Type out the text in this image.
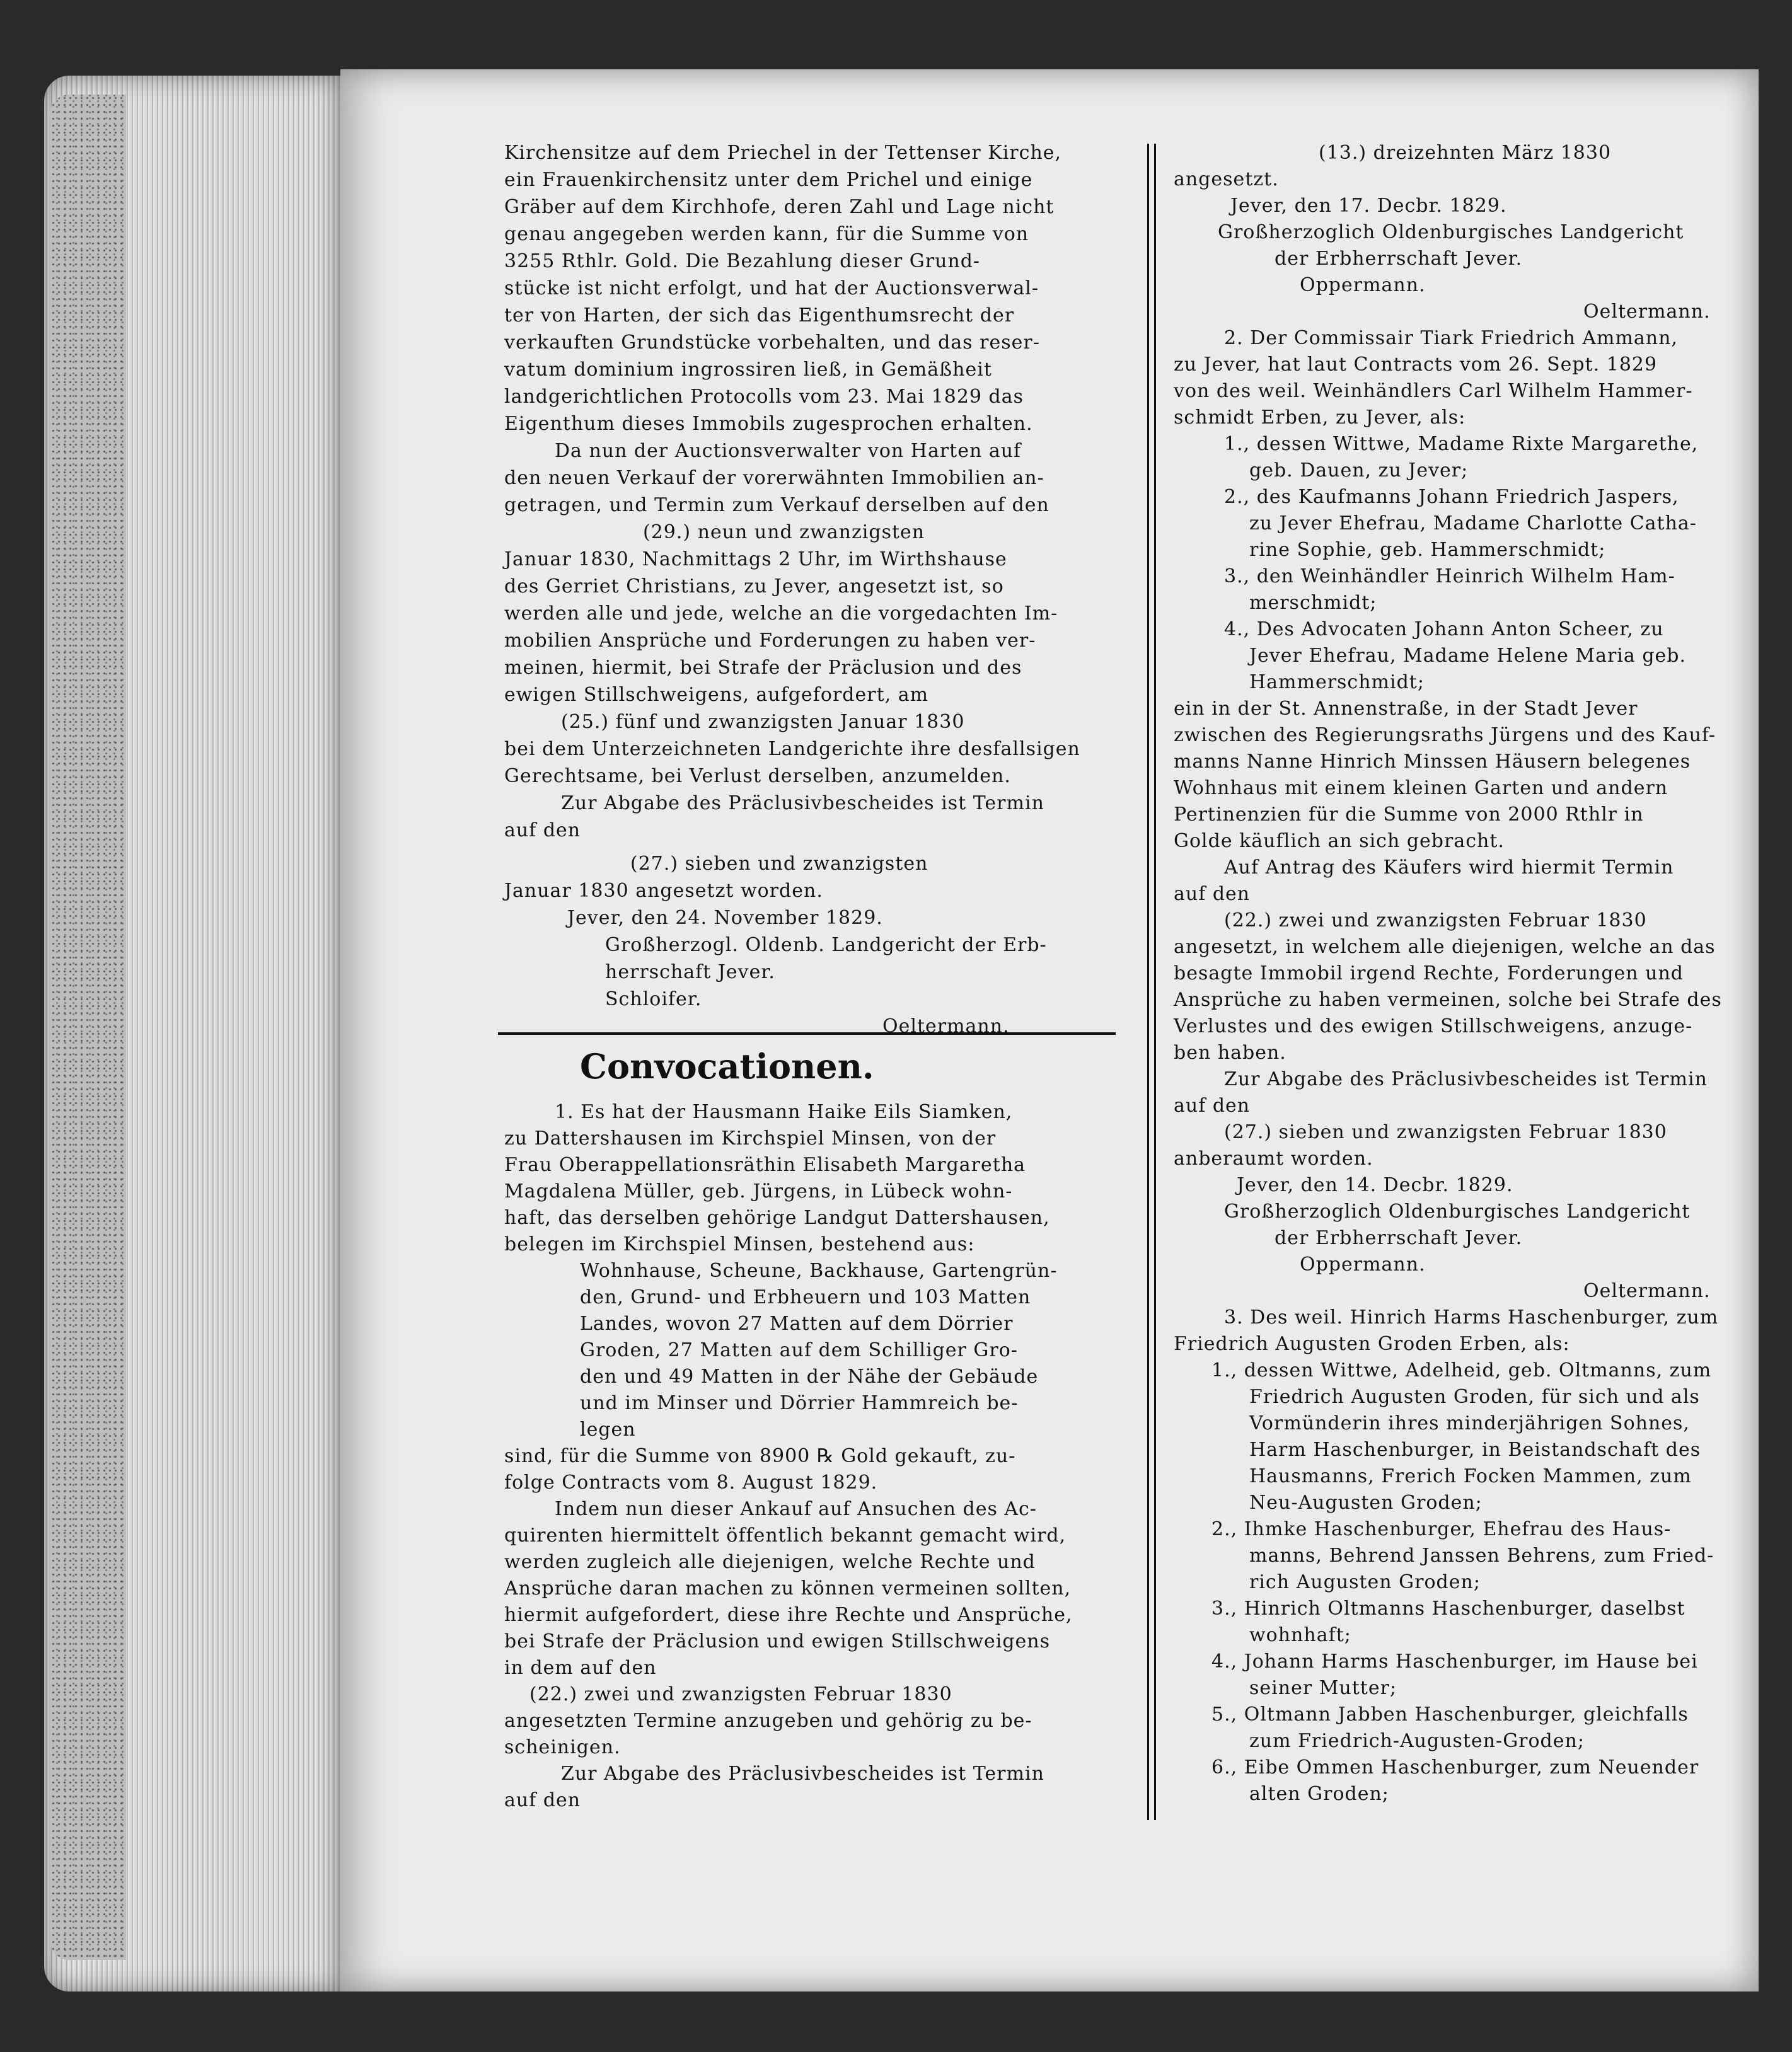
Kirchensitze auf dem Priechel in der Tettenser Kirche,
ein Frauenkirchensitz unter dem Prichel und einige
Gräber auf dem Kirchhofe, deren Zahl und Lage nicht
genau angegeben werden kann, für die Summe von
3255 Rthlr. Gold. Die Bezahlung dieser Grund-
stücke ist nicht erfolgt, und hat der Auctionsverwal-
ter von Harten, der sich das Eigenthumsrecht der
verkauften Grundstücke vorbehalten, und das reser-
vatum dominium ingrossiren ließ, in Gemäßheit
landgerichtlichen Protocolls vom 23. Mai 1829 das
Eigenthum dieses Immobils zugesprochen erhalten.
Da nun der Auctionsverwalter von Harten auf
den neuen Verkauf der vorerwähnten Immobilien an-
getragen, und Termin zum Verkauf derselben auf den
(29.) neun und zwanzigsten
Januar 1830, Nachmittags 2 Uhr, im Wirthshause
des Gerriet Christians, zu Jever, angesetzt ist, so
werden alle und jede, welche an die vorgedachten Im-
mobilien Ansprüche und Forderungen zu haben ver-
meinen, hiermit, bei Strafe der Präclusion und des
ewigen Stillschweigens, aufgefordert, am
(25.) fünf und zwanzigsten Januar 1830
bei dem Unterzeichneten Landgerichte ihre desfallsigen
Gerechtsame, bei Verlust derselben, anzumelden.
Zur Abgabe des Präclusivbescheides ist Termin
auf den
(27.) sieben und zwanzigsten
Januar 1830 angesetzt worden.
Jever, den 24. November 1829.
Großherzogl. Oldenb. Landgericht der Erb-
herrschaft Jever.
Schloifer.
Oeltermann.
Convocationen.
1. Es hat der Hausmann Haike Eils Siamken,
zu Dattershausen im Kirchspiel Minsen, von der
Frau Oberappellationsräthin Elisabeth Margaretha
Magdalena Müller, geb. Jürgens, in Lübeck wohn-
haft, das derselben gehörige Landgut Dattershausen,
belegen im Kirchspiel Minsen, bestehend aus:
Wohnhause, Scheune, Backhause, Gartengrün-
den, Grund- und Erbheuern und 103 Matten
Landes, wovon 27 Matten auf dem Dörrier
Groden, 27 Matten auf dem Schilliger Gro-
den und 49 Matten in der Nähe der Gebäude
und im Minser und Dörrier Hammreich be-
legen
sind, für die Summe von 8900 ℞ Gold gekauft, zu-
folge Contracts vom 8. August 1829.
Indem nun dieser Ankauf auf Ansuchen des Ac-
quirenten hiermittelt öffentlich bekannt gemacht wird,
werden zugleich alle diejenigen, welche Rechte und
Ansprüche daran machen zu können vermeinen sollten,
hiermit aufgefordert, diese ihre Rechte und Ansprüche,
bei Strafe der Präclusion und ewigen Stillschweigens
in dem auf den
(22.) zwei und zwanzigsten Februar 1830
angesetzten Termine anzugeben und gehörig zu be-
scheinigen.
Zur Abgabe des Präclusivbescheides ist Termin
auf den
(13.) dreizehnten März 1830
angesetzt.
Jever, den 17. Decbr. 1829.
Großherzoglich Oldenburgisches Landgericht
der Erbherrschaft Jever.
Oppermann.
Oeltermann.
2. Der Commissair Tiark Friedrich Ammann,
zu Jever, hat laut Contracts vom 26. Sept. 1829
von des weil. Weinhändlers Carl Wilhelm Hammer-
schmidt Erben, zu Jever, als:
1., dessen Wittwe, Madame Rixte Margarethe,
geb. Dauen, zu Jever;
2., des Kaufmanns Johann Friedrich Jaspers,
zu Jever Ehefrau, Madame Charlotte Catha-
rine Sophie, geb. Hammerschmidt;
3., den Weinhändler Heinrich Wilhelm Ham-
merschmidt;
4., Des Advocaten Johann Anton Scheer, zu
Jever Ehefrau, Madame Helene Maria geb.
Hammerschmidt;
ein in der St. Annenstraße, in der Stadt Jever
zwischen des Regierungsraths Jürgens und des Kauf-
manns Nanne Hinrich Minssen Häusern belegenes
Wohnhaus mit einem kleinen Garten und andern
Pertinenzien für die Summe von 2000 Rthlr in
Golde käuflich an sich gebracht.
Auf Antrag des Käufers wird hiermit Termin
auf den
(22.) zwei und zwanzigsten Februar 1830
angesetzt, in welchem alle diejenigen, welche an das
besagte Immobil irgend Rechte, Forderungen und
Ansprüche zu haben vermeinen, solche bei Strafe des
Verlustes und des ewigen Stillschweigens, anzuge-
ben haben.
Zur Abgabe des Präclusivbescheides ist Termin
auf den
(27.) sieben und zwanzigsten Februar 1830
anberaumt worden.
Jever, den 14. Decbr. 1829.
Großherzoglich Oldenburgisches Landgericht
der Erbherrschaft Jever.
Oppermann.
Oeltermann.
3. Des weil. Hinrich Harms Haschenburger, zum
Friedrich Augusten Groden Erben, als:
1., dessen Wittwe, Adelheid, geb. Oltmanns, zum
Friedrich Augusten Groden, für sich und als
Vormünderin ihres minderjährigen Sohnes,
Harm Haschenburger, in Beistandschaft des
Hausmanns, Frerich Focken Mammen, zum
Neu-Augusten Groden;
2., Ihmke Haschenburger, Ehefrau des Haus-
manns, Behrend Janssen Behrens, zum Fried-
rich Augusten Groden;
3., Hinrich Oltmanns Haschenburger, daselbst
wohnhaft;
4., Johann Harms Haschenburger, im Hause bei
seiner Mutter;
5., Oltmann Jabben Haschenburger, gleichfalls
zum Friedrich-Augusten-Groden;
6., Eibe Ommen Haschenburger, zum Neuender
alten Groden;
